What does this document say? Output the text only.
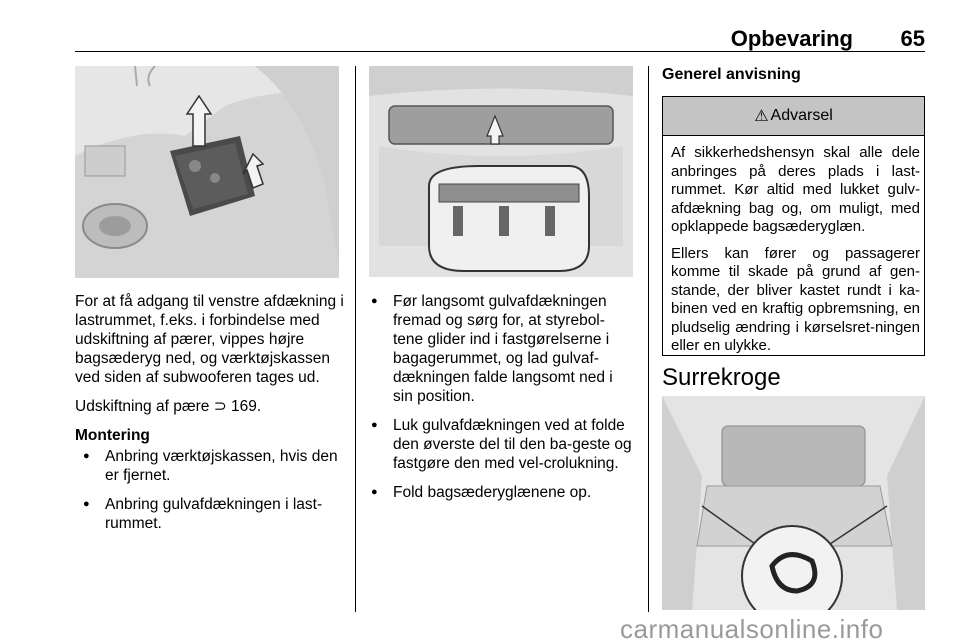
Opbevaring 65

For at få adgang til venstre afdækning i lastrummet, f.eks. i forbindelse med udskiftning af pærer, vippes højre bagsæderyg ned, og værktøjskassen ved siden af subwooferen tages ud.

Udskiftning af pære ⊃ 169.

Montering
● Anbring værktøjskassen, hvis den er fjernet.
● Anbring gulvafdækningen i last-rummet.
● Før langsomt gulvafdækningen fremad og sørg for, at styrebol-tene glider ind i fastgørelserne i bagagerummet, og lad gulvaf-dækningen falde langsomt ned i sin position.
● Luk gulvafdækningen ved at folde den øverste del til den ba-geste og fastgøre den med vel-crolukning.
● Fold bagsæderyglænene op.
Generel anvisning
⚠ Advarsel

Af sikkerhedshensyn skal alle dele anbringes på deres plads i last-rummet. Kør altid med lukket gulv-afdækning bag og, om muligt, med opklappede bagsæderyglæn.

Ellers kan fører og passagerer komme til skade på grund af gen-stande, der bliver kastet rundt i ka-binen ved en kraftig opbremsning, en pludselig ændring i kørselsret-ningen eller en ulykke.

Surrekroge
carmanualsonline.info
